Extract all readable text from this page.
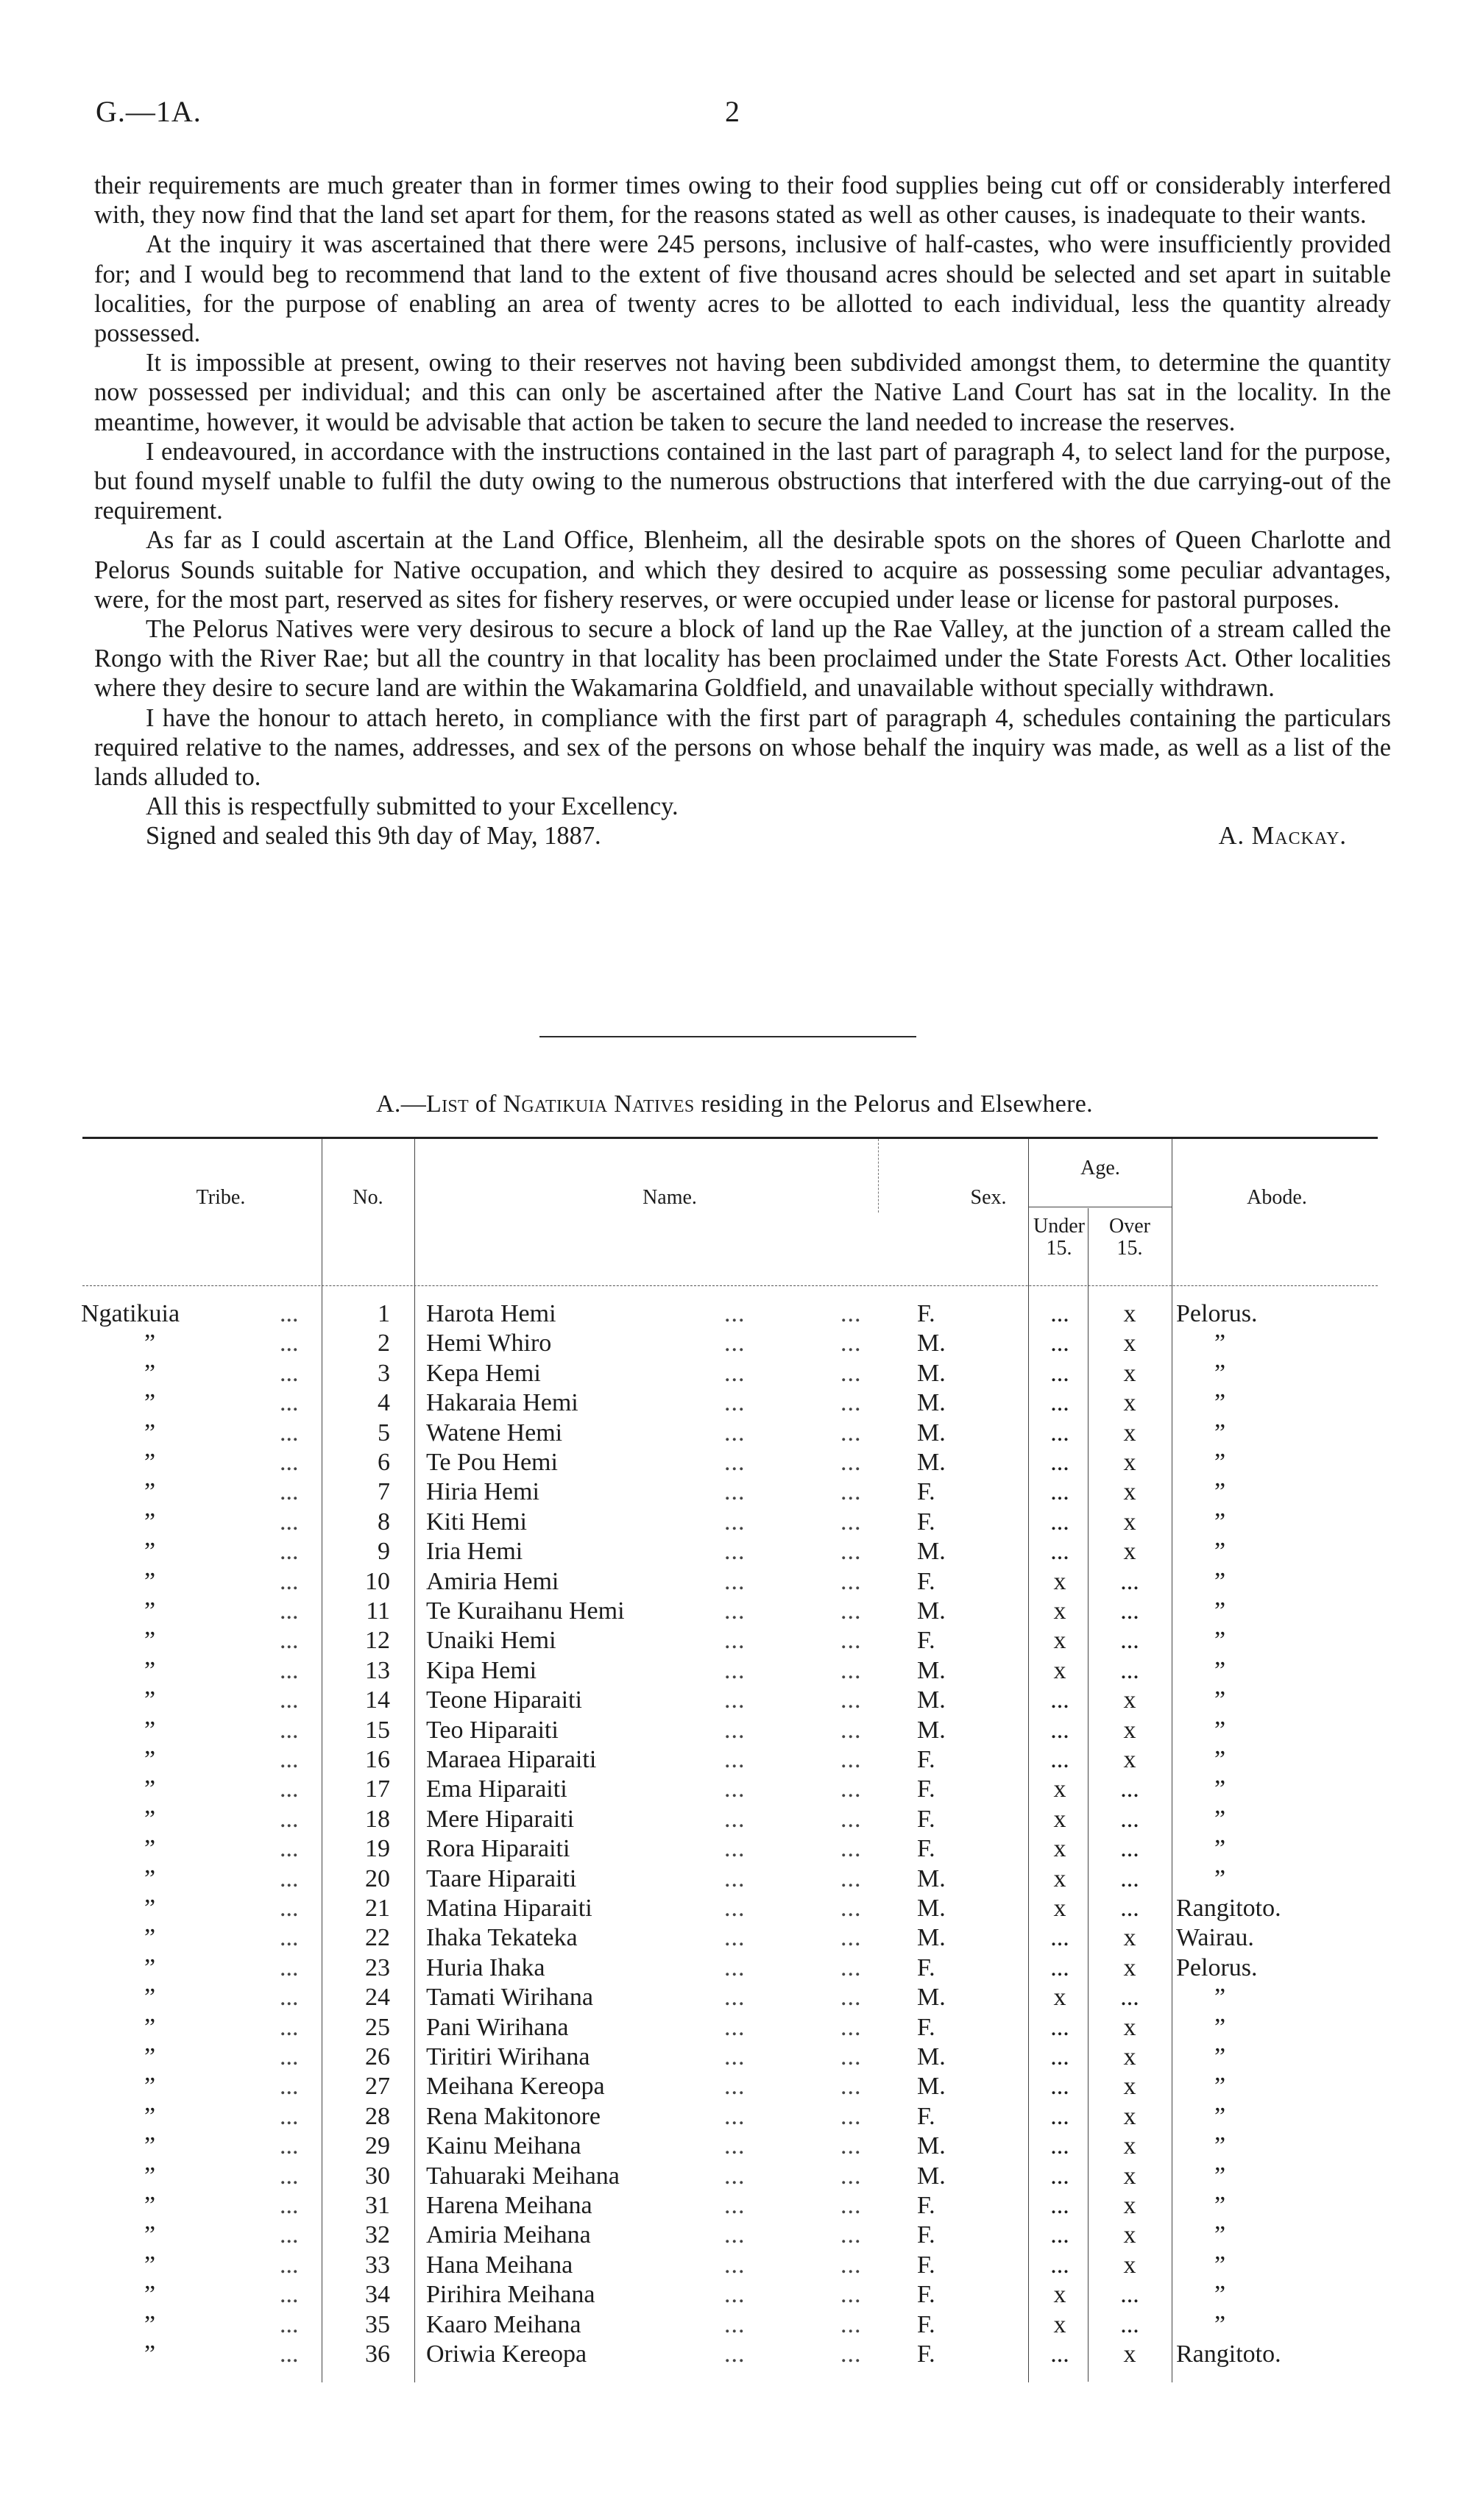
G.—1A.	2

their requirements are much greater than in former times owing to their food supplies being cut off or considerably interfered with, they now find that the land set apart for them, for the reasons stated as well as other causes, is inadequate to their wants.

At the inquiry it was ascertained that there were 245 persons, inclusive of half-castes, who were insufficiently provided for; and I would beg to recommend that land to the extent of five thousand acres should be selected and set apart in suitable localities, for the purpose of enabling an area of twenty acres to be allotted to each individual, less the quantity already possessed.

It is impossible at present, owing to their reserves not having been subdivided amongst them, to determine the quantity now possessed per individual; and this can only be ascertained after the Native Land Court has sat in the locality. In the meantime, however, it would be advisable that action be taken to secure the land needed to increase the reserves.

I endeavoured, in accordance with the instructions contained in the last part of paragraph 4, to select land for the purpose, but found myself unable to fulfil the duty owing to the numerous obstructions that interfered with the due carrying-out of the requirement.

As far as I could ascertain at the Land Office, Blenheim, all the desirable spots on the shores of Queen Charlotte and Pelorus Sounds suitable for Native occupation, and which they desired to acquire as possessing some peculiar advantages, were, for the most part, reserved as sites for fishery reserves, or were occupied under lease or license for pastoral purposes.

The Pelorus Natives were very desirous to secure a block of land up the Rae Valley, at the junction of a stream called the Rongo with the River Rae; but all the country in that locality has been proclaimed under the State Forests Act. Other localities where they desire to secure land are within the Wakamarina Goldfield, and unavailable without specially withdrawn.

I have the honour to attach hereto, in compliance with the first part of paragraph 4, schedules containing the particulars required relative to the names, addresses, and sex of the persons on whose behalf the inquiry was made, as well as a list of the lands alluded to.

All this is respectfully submitted to your Excellency.

Signed and sealed this 9th day of May, 1887.	A. Mackay.
A.—List of Ngatikuia Natives residing in the Pelorus and Elsewhere.
Tribe.	No.	Name.	Sex.
Age.
Under 15.
Over 15.
Abode.
Ngatikuia	...	1 Harota Hemi	...	... F.	...	x	Pelorus.
”	...	2 Hemi Whiro	...	... M.	...	x	”
”	...	3 Kepa Hemi	...	... M.	...	x	”
”	...	4 Hakaraia Hemi	...	... M.	...	x	”
”	...	5 Watene Hemi	...	... M.	...	x	”
”	...	6 Te Pou Hemi	...	... M.	...	x	”
”	...	7 Hiria Hemi	...	... F.	...	x	”
”	...	8 Kiti Hemi	...	... F.	...	x	”
”	...	9 Iria Hemi	...	... M.	...	x	”
”	...	10 Amiria Hemi	...	... F.	x	...	”
”	...	11 Te Kuraihanu Hemi	...	... M.	x	...	”
”	...	12 Unaiki Hemi	...	... F.	x	...	”
”	...	13 Kipa Hemi	...	... M.	x	...	”
”	...	14 Teone Hiparaiti	...	... M.	...	x	”
”	...	15 Teo Hiparaiti	...	... M.	...	x	”
”	...	16 Maraea Hiparaiti	...	... F.	...	x	”
”	...	17 Ema Hiparaiti	...	... F.	x	...	”
”	...	18 Mere Hiparaiti	...	... F.	x	...	”
”	...	19 Rora Hiparaiti	...	... F.	x	...	”
”	...	20 Taare Hiparaiti	...	... M.	x	...	”
”	...	21 Matina Hiparaiti	...	... M.	x	...	Rangitoto.
”	...	22 Ihaka Tekateka	...	... M.	...	x	Wairau.
”	...	23 Huria Ihaka	...	... F.	...	x	Pelorus.
”	...	24 Tamati Wirihana	...	... M.	x	...	”
”	...	25 Pani Wirihana	...	... F.	...	x	”
”	...	26 Tiritiri Wirihana	...	... M.	...	x	”
”	...	27 Meihana Kereopa	...	... M.	...	x	”
”	...	28 Rena Makitonore	...	... F.	...	x	”
”	...	29 Kainu Meihana	...	... M.	...	x	”
”	...	30 Tahuaraki Meihana	...	... M.	...	x	”
”	...	31 Harena Meihana	...	... F.	...	x	”
”	...	32 Amiria Meihana	...	... F.	...	x	”
”	...	33 Hana Meihana	...	... F.	...	x	”
”	...	34 Pirihira Meihana	...	... F.	x	...	”
”	...	35 Kaaro Meihana	...	... F.	x	...	”
”	...	36 Oriwia Kereopa	...	... F.	...	x	Rangitoto.
